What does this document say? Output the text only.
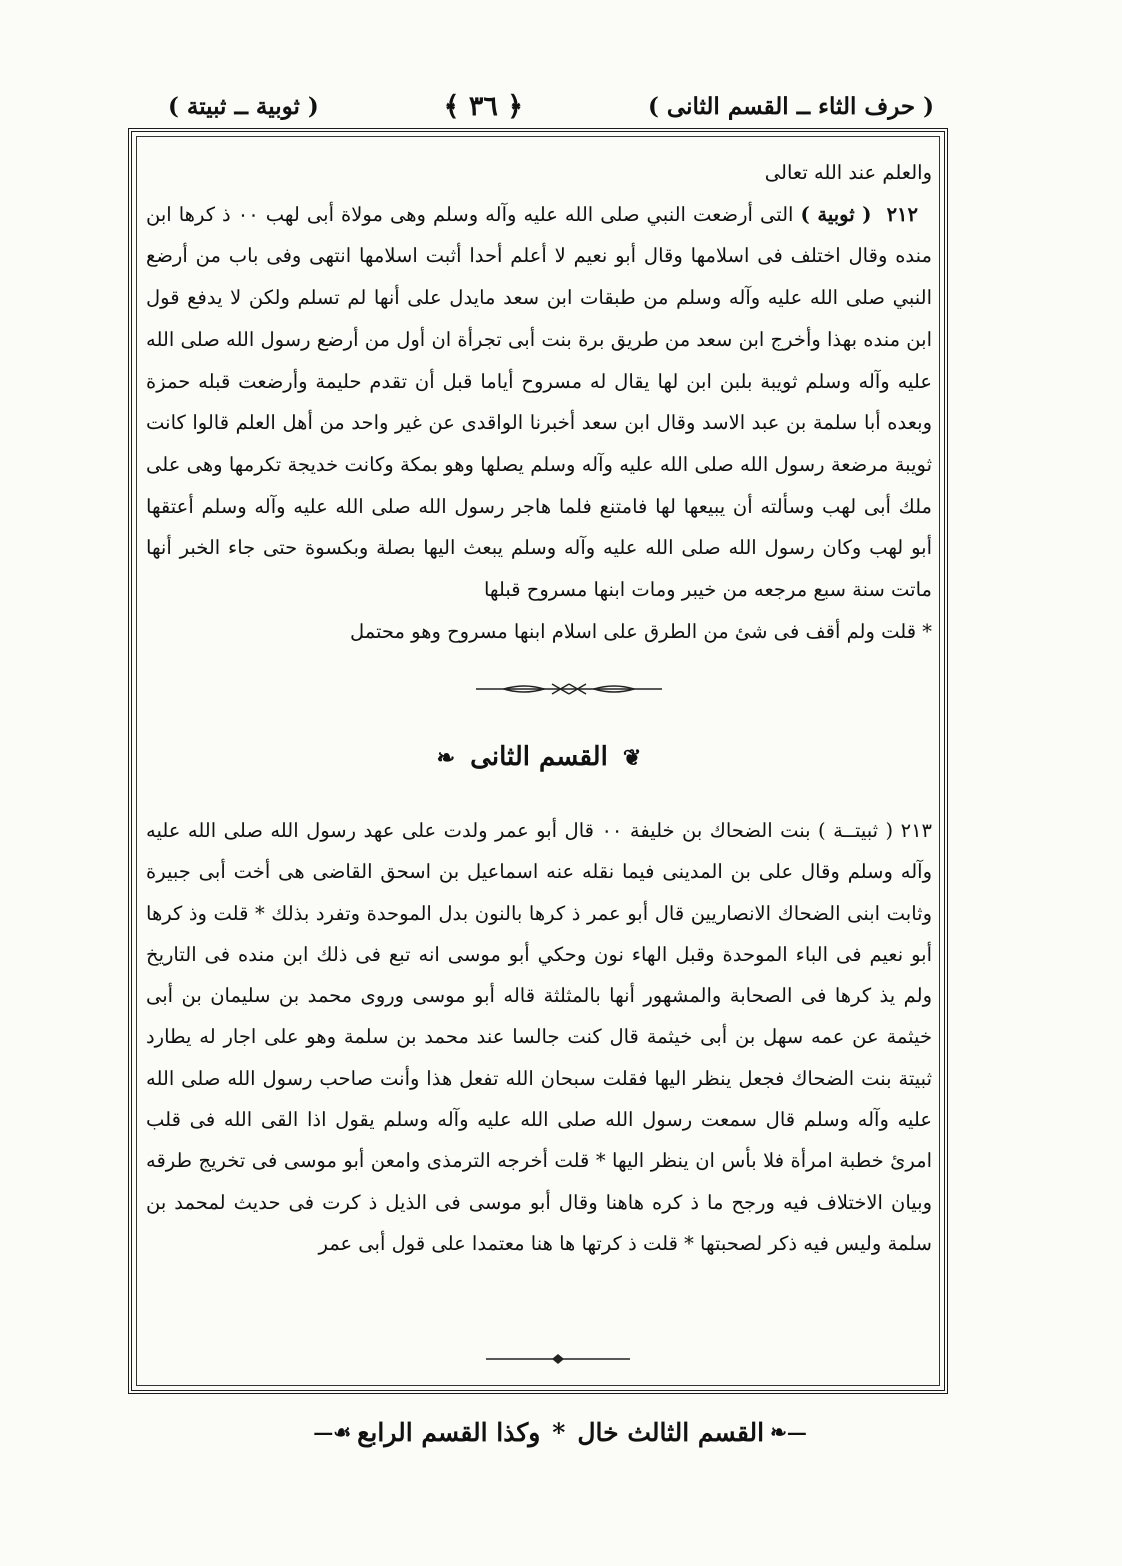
( حرف الثاء ــ القسم الثانى )
﴿ ٣٦ ﴾
( ثوبية ــ ثبيتة )

والعلم عند الله تعالى

٢١٢ ( ثوبية ) التى أرضعت النبي صلى الله عليه وآله وسلم وهى مولاة أبى لهب ٠٠ ذ كرها ابن منده وقال اختلف فى اسلامها وقال أبو نعيم لا أعلم أحدا أثبت اسلامها انتهى وفى باب من أرضع النبي صلى الله عليه وآله وسلم من طبقات ابن سعد مايدل على أنها لم تسلم ولكن لا يدفع قول ابن منده بهذا وأخرج ابن سعد من طريق برة بنت أبى تجرأة ان أول من أرضع رسول الله صلى الله عليه وآله وسلم ثويبة بلبن ابن لها يقال له مسروح أياما قبل أن تقدم حليمة وأرضعت قبله حمزة وبعده أبا سلمة بن عبد الاسد وقال ابن سعد أخبرنا الواقدى عن غير واحد من أهل العلم قالوا كانت ثويبة مرضعة رسول الله صلى الله عليه وآله وسلم يصلها وهو بمكة وكانت خديجة تكرمها وهى على ملك أبى لهب وسألته أن يبيعها لها فامتنع فلما هاجر رسول الله صلى الله عليه وآله وسلم أعتقها أبو لهب وكان رسول الله صلى الله عليه وآله وسلم يبعث اليها بصلة وبكسوة حتى جاء الخبر أنها ماتت سنة سبع مرجعه من خيبر ومات ابنها مسروح قبلها

* قلت ولم أقف فى شئ من الطرق على اسلام ابنها مسروح وهو محتمل

❦ القسم الثانى ❧

٢١٣ ( ثبيتــة ) بنت الضحاك بن خليفة ٠٠ قال أبو عمر ولدت على عهد رسول الله صلى الله عليه وآله وسلم وقال على بن المدينى فيما نقله عنه اسماعيل بن اسحق القاضى هى أخت أبى جبيرة وثابت ابنى الضحاك الانصاريين قال أبو عمر ذ كرها بالنون بدل الموحدة وتفرد بذلك * قلت وذ كرها أبو نعيم فى الباء الموحدة وقبل الهاء نون وحكي أبو موسى انه تبع فى ذلك ابن منده فى التاريخ ولم يذ كرها فى الصحابة والمشهور أنها بالمثلثة قاله أبو موسى وروى محمد بن سليمان بن أبى خيثمة عن عمه سهل بن أبى خيثمة قال كنت جالسا عند محمد بن سلمة وهو على اجار له يطارد ثبيتة بنت الضحاك فجعل ينظر اليها فقلت سبحان الله تفعل هذا وأنت صاحب رسول الله صلى الله عليه وآله وسلم قال سمعت رسول الله صلى الله عليه وآله وسلم يقول اذا القى الله فى قلب امرئ خطبة امرأة فلا بأس ان ينظر اليها * قلت أخرجه الترمذى وامعن أبو موسى فى تخريج طرقه وبيان الاختلاف فيه ورجح ما ذ كره هاهنا وقال أبو موسى فى الذيل ذ كرت فى حديث لمحمد بن سلمة وليس فيه ذكر لصحبتها * قلت ذ كرتها ها هنا معتمدا على قول أبى عمر

—❧
القسم الثالث خال
*
وكذا القسم الرابع
☙—
